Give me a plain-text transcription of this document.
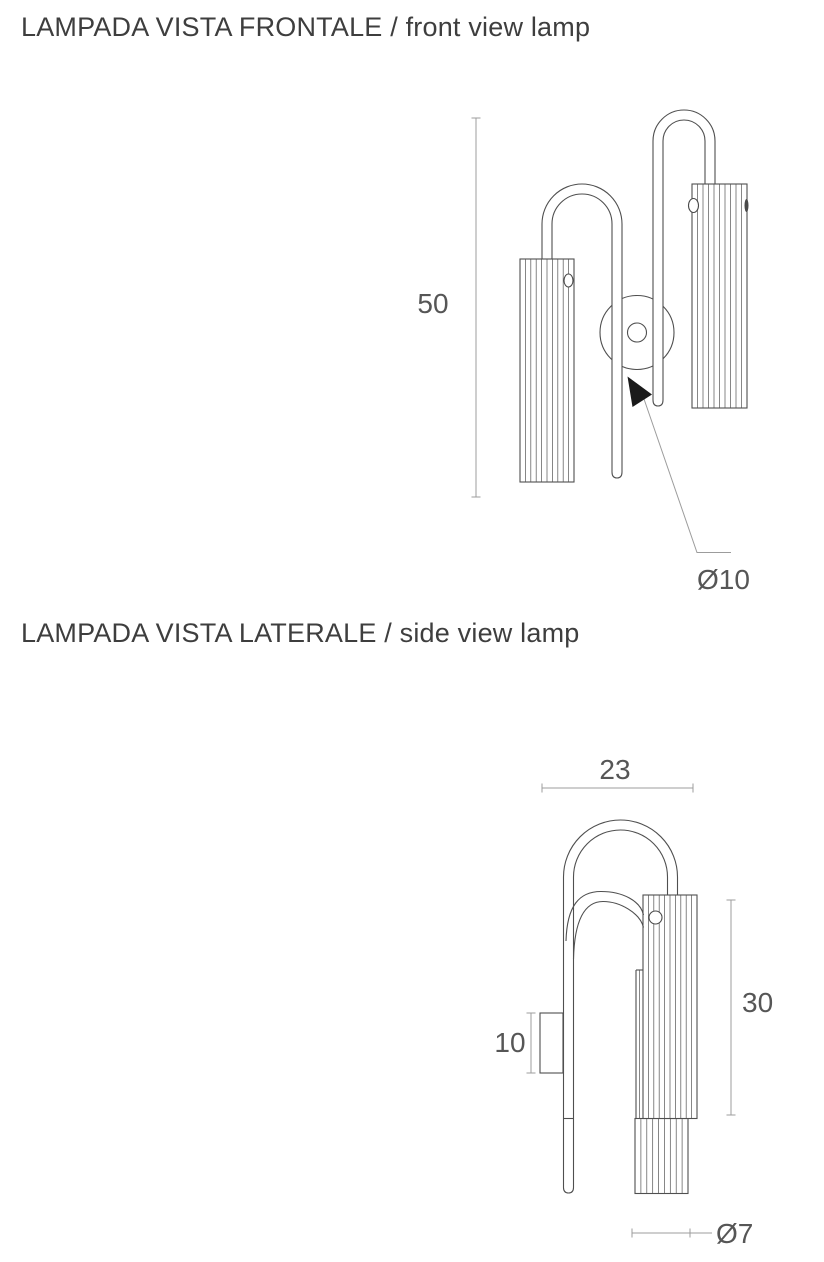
LAMPADA VISTA FRONTALE / front view lamp
LAMPADA VISTA LATERALE / side view lamp
50
Ø10
23
30
10
Ø7
